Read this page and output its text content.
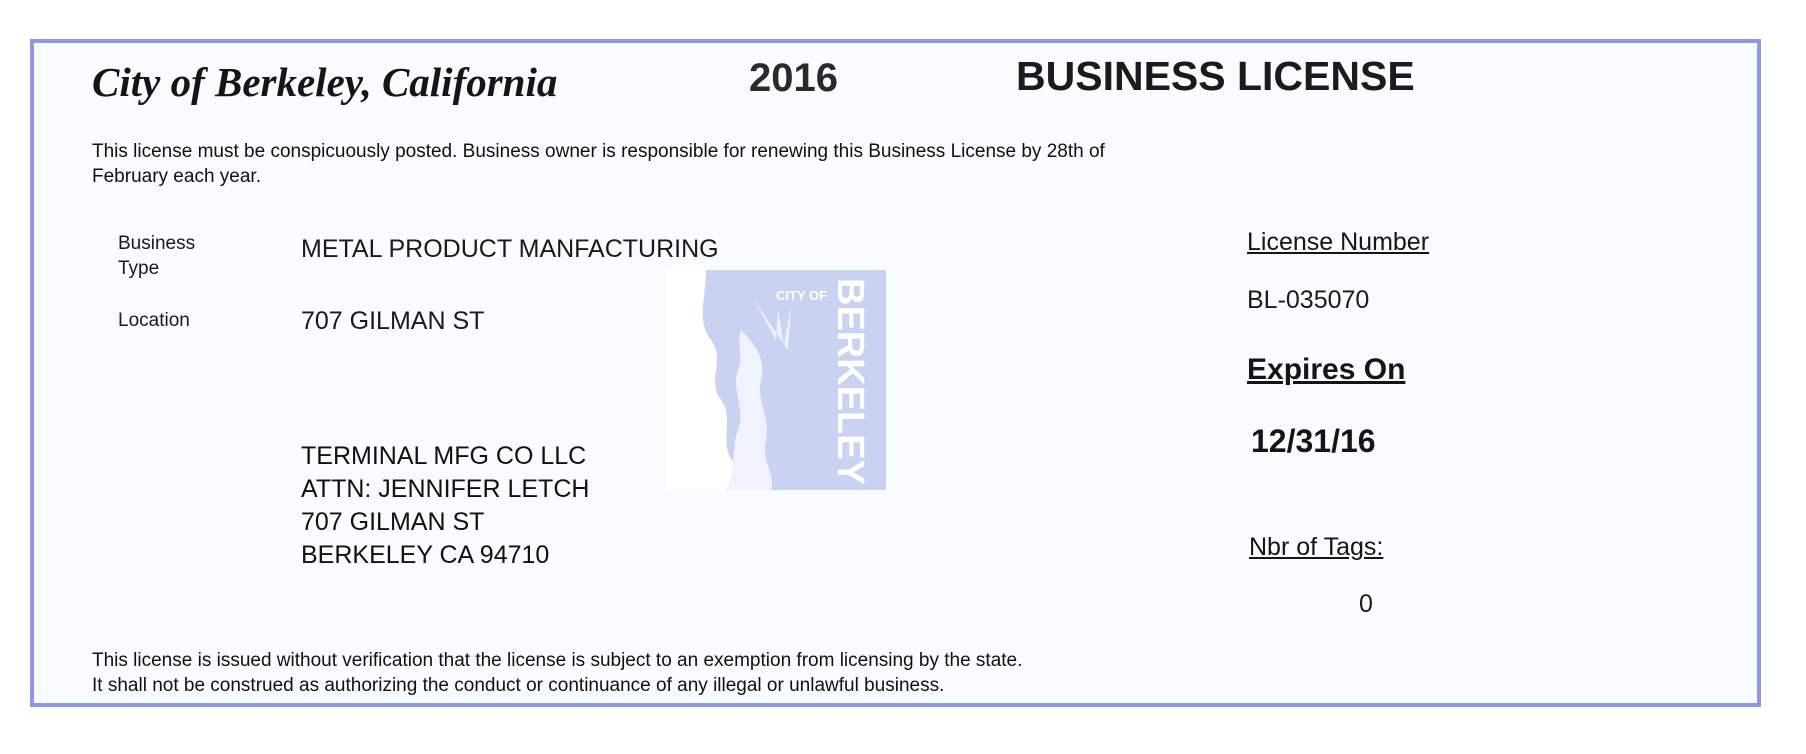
City of Berkeley, California	2016	BUSINESS LICENSE
This license must be conspicuously posted. Business owner is responsible for renewing this Business License by 28th of February each year.
CITY OF BERKELEY
Business
Type
METAL PRODUCT MANFACTURING
Location	707 GILMAN ST
TERMINAL MFG CO LLC
ATTN: JENNIFER LETCH
707 GILMAN ST
BERKELEY CA 94710
License Number
BL-035070
Expires On
12/31/16
Nbr of Tags:
0
This license is issued without verification that the license is subject to an exemption from licensing by the state.
It shall not be construed as authorizing the conduct or continuance of any illegal or unlawful business.
